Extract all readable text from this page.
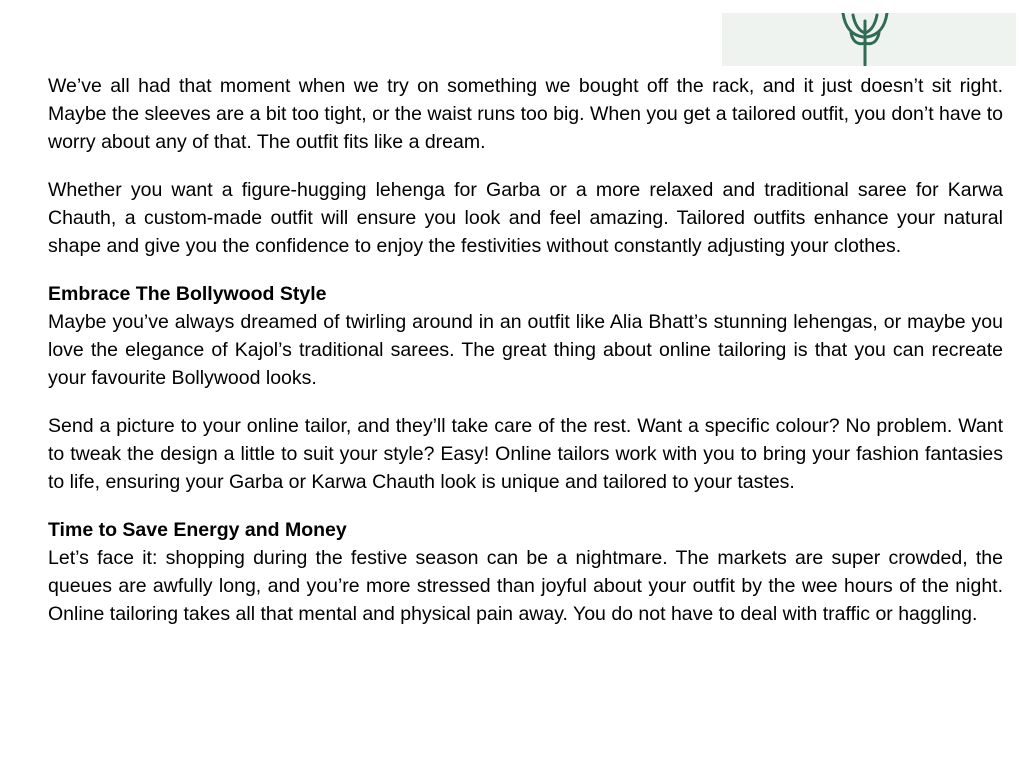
We’ve all had that moment when we try on something we bought off the rack, and it just doesn’t sit right. Maybe the sleeves are a bit too tight, or the waist runs too big. When you get a tailored outfit, you don’t have to worry about any of that. The outfit fits like a dream.

Whether you want a figure-hugging lehenga for Garba or a more relaxed and traditional saree for Karwa Chauth, a custom-made outfit will ensure you look and feel amazing. Tailored outfits enhance your natural shape and give you the confidence to enjoy the festivities without constantly adjusting your clothes.

Embrace The Bollywood Style

Maybe you’ve always dreamed of twirling around in an outfit like Alia Bhatt’s stunning lehengas, or maybe you love the elegance of Kajol’s traditional sarees. The great thing about online tailoring is that you can recreate your favourite Bollywood looks.

Send a picture to your online tailor, and they’ll take care of the rest. Want a specific colour? No problem. Want to tweak the design a little to suit your style? Easy! Online tailors work with you to bring your fashion fantasies to life, ensuring your Garba or Karwa Chauth look is unique and tailored to your tastes.

Time to Save Energy and Money

Let’s face it: shopping during the festive season can be a nightmare. The markets are super crowded, the queues are awfully long, and you’re more stressed than joyful about your outfit by the wee hours of the night. Online tailoring takes all that mental and physical pain away. You do not have to deal with traffic or haggling.
